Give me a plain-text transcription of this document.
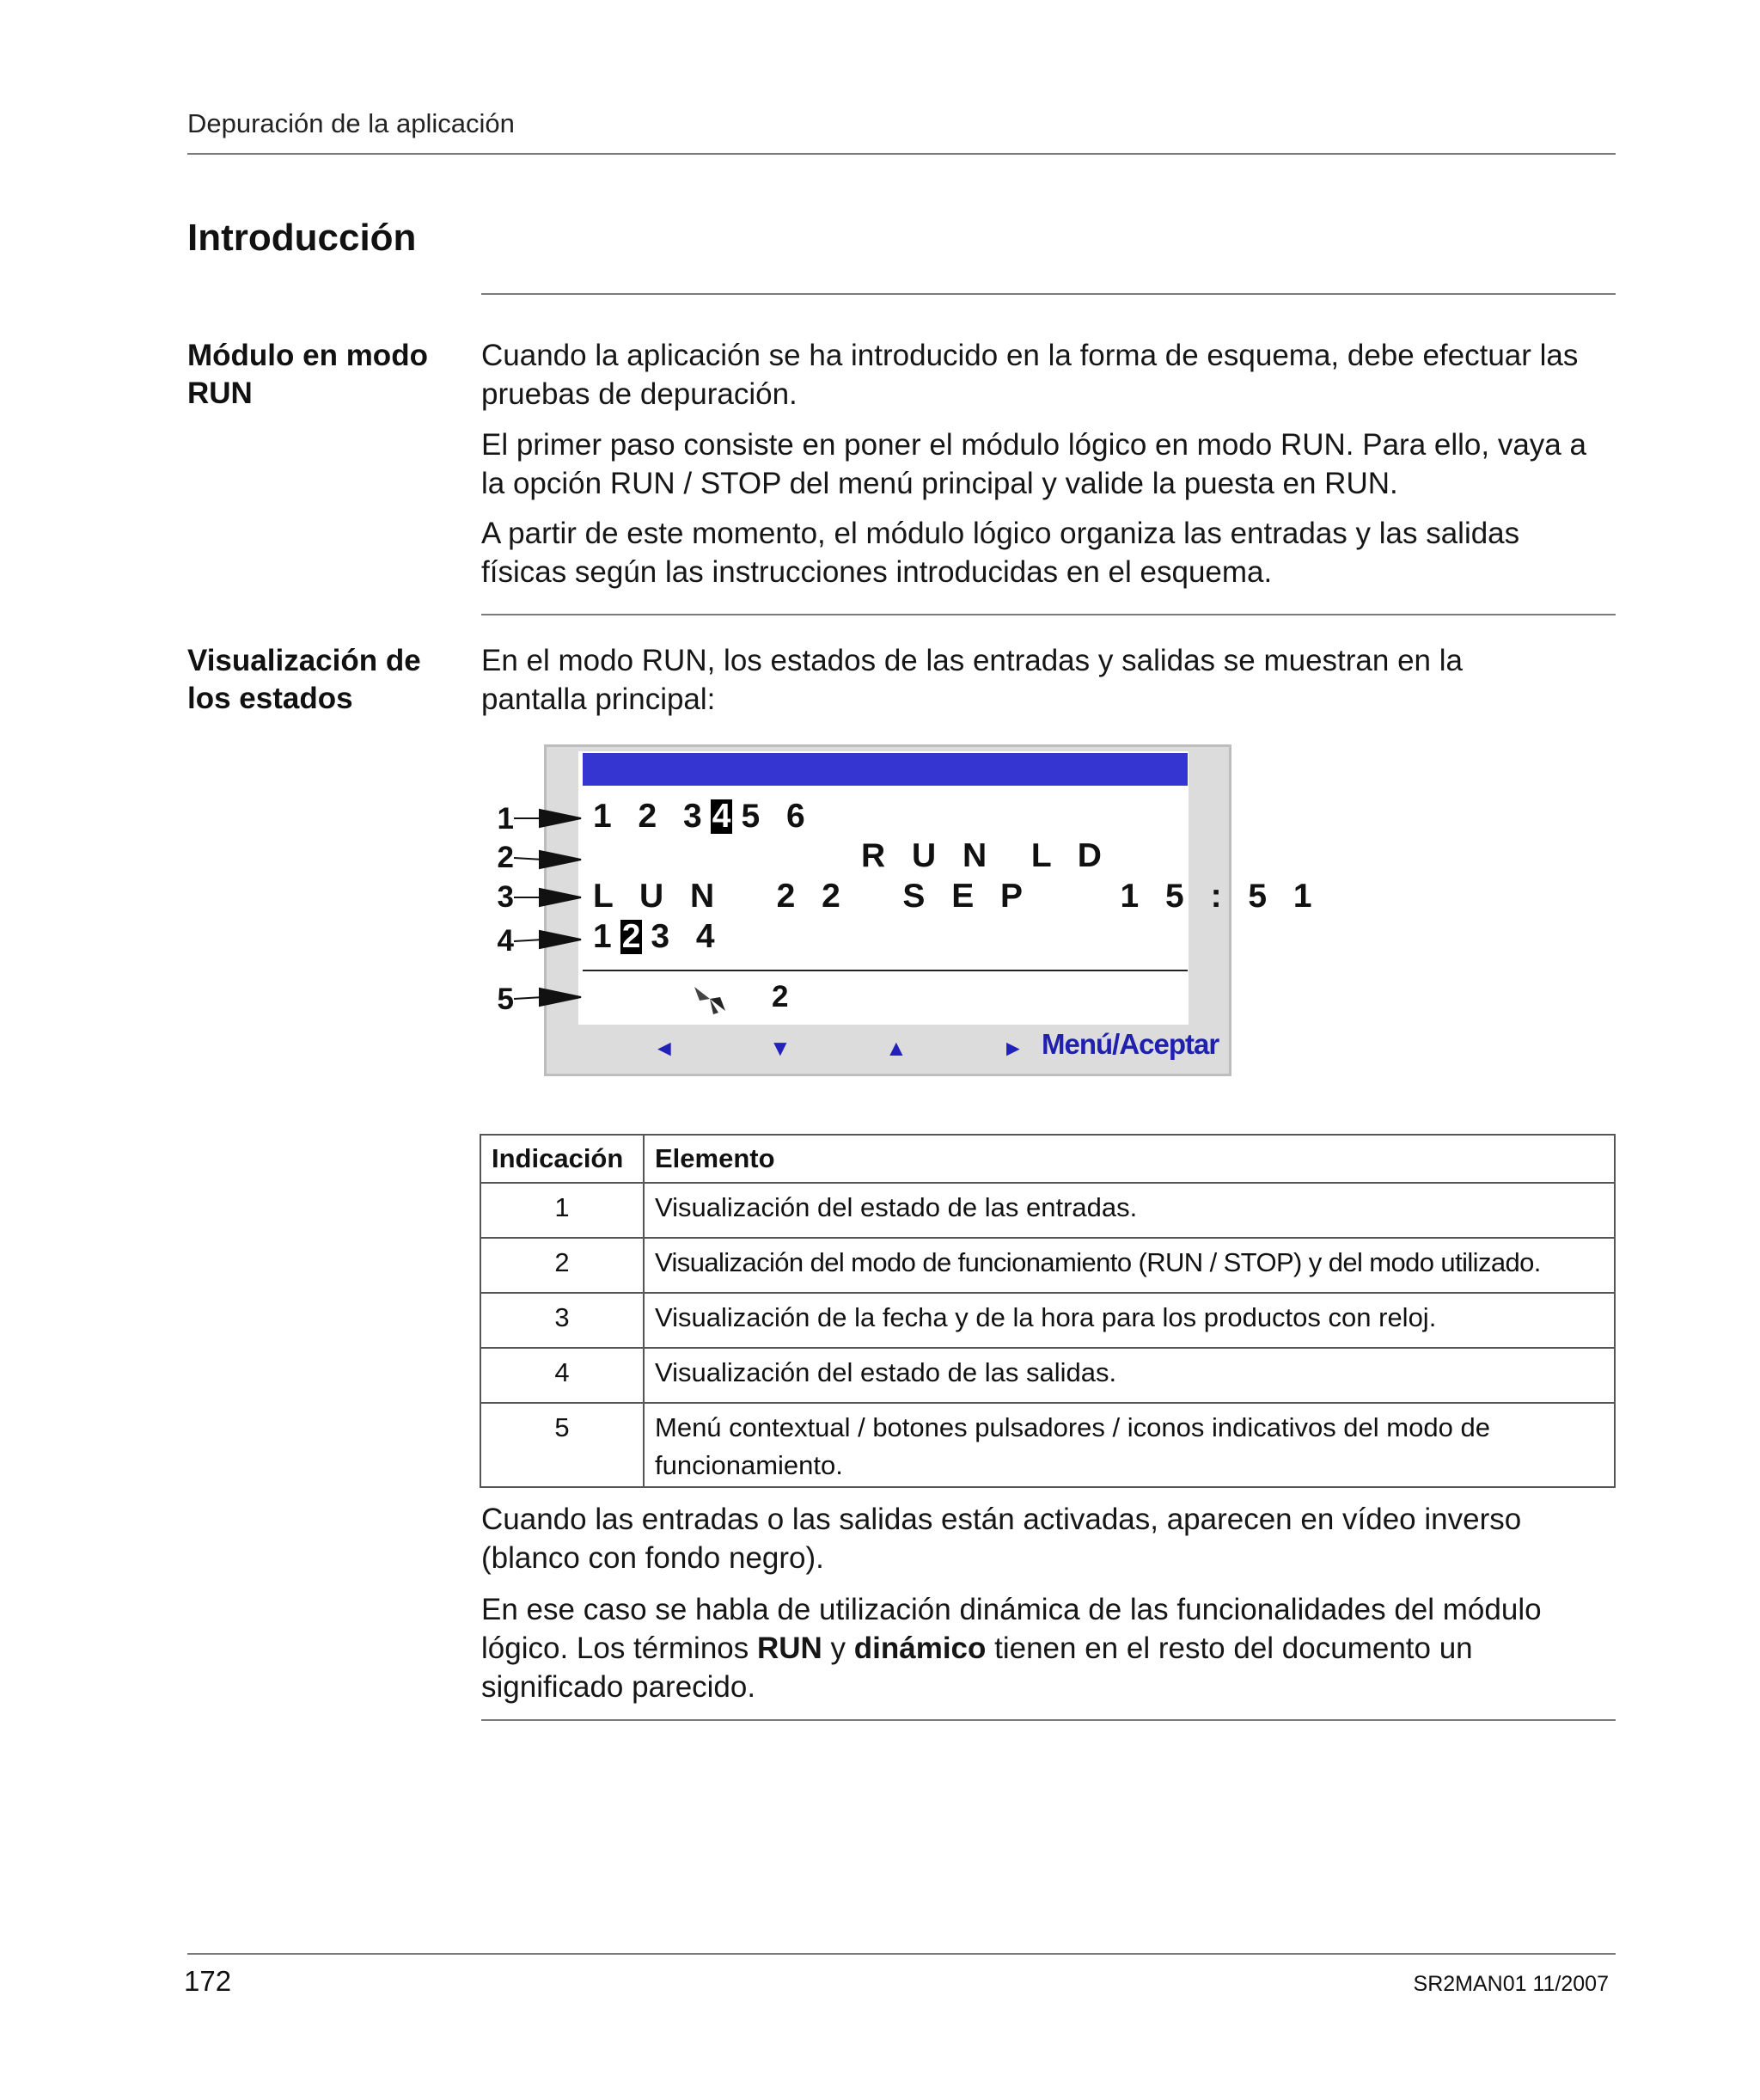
Depuración de la aplicación
Introducción
Módulo en modo
RUN
Cuando la aplicación se ha introducido en la forma de esquema, debe efectuar las
pruebas de depuración.
El primer paso consiste en poner el módulo lógico en modo RUN. Para ello, vaya a
la opción RUN / STOP del menú principal y valide la puesta en RUN.
A partir de este momento, el módulo lógico organiza las entradas y las salidas
físicas según las instrucciones introducidas en el esquema.
Visualización de
los estados
En el modo RUN, los estados de las entradas y salidas se muestran en la
pantalla principal:
1 2 34 5 6
R U N  L D
L U N   2 2   S E P     1 5 : 5 1
12 3 4
2
◄	▼	▲	► Menú/Aceptar
1
2
3
4
5
Indicación	Elemento
1	Visualización del estado de las entradas.
2	Visualización del modo de funcionamiento (RUN / STOP) y del modo utilizado.
3	Visualización de la fecha y de la hora para los productos con reloj.
4	Visualización del estado de las salidas.
5	Menú contextual / botones pulsadores / iconos indicativos del modo de
funcionamiento.
Cuando las entradas o las salidas están activadas, aparecen en vídeo inverso
(blanco con fondo negro).
En ese caso se habla de utilización dinámica de las funcionalidades del módulo
lógico. Los términos RUN y dinámico tienen en el resto del documento un
significado parecido.
172	SR2MAN01 11/2007
